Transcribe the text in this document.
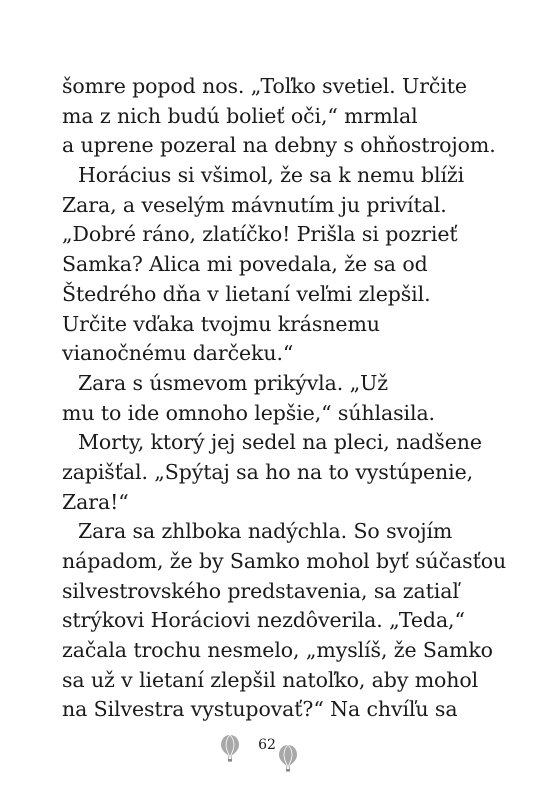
šomre popod nos. „Toľko svetiel. Určite
ma z nich budú bolieť oči,“ mrmlal
a uprene pozeral na debny s ohňostrojom.
Horácius si všimol, že sa k nemu blíži
Zara, a veselým mávnutím ju privítal.
„Dobré ráno, zlatíčko! Prišla si pozrieť
Samka? Alica mi povedala, že sa od
Štedrého dňa v lietaní veľmi zlepšil.
Určite vďaka tvojmu krásnemu
vianočnému darčeku.“
Zara s úsmevom prikývla. „Už
mu to ide omnoho lepšie,“ súhlasila.
Morty, ktorý jej sedel na pleci, nadšene
zapišťal. „Spýtaj sa ho na to vystúpenie,
Zara!“
Zara sa zhlboka nadýchla. So svojím
nápadom, že by Samko mohol byť súčasťou
silvestrovského predstavenia, sa zatiaľ
strýkovi Horáciovi nezdôverila. „Teda,“
začala trochu nesmelo, „myslíš, že Samko
sa už v lietaní zlepšil natoľko, aby mohol
na Silvestra vystupovať?“ Na chvíľu sa
62
